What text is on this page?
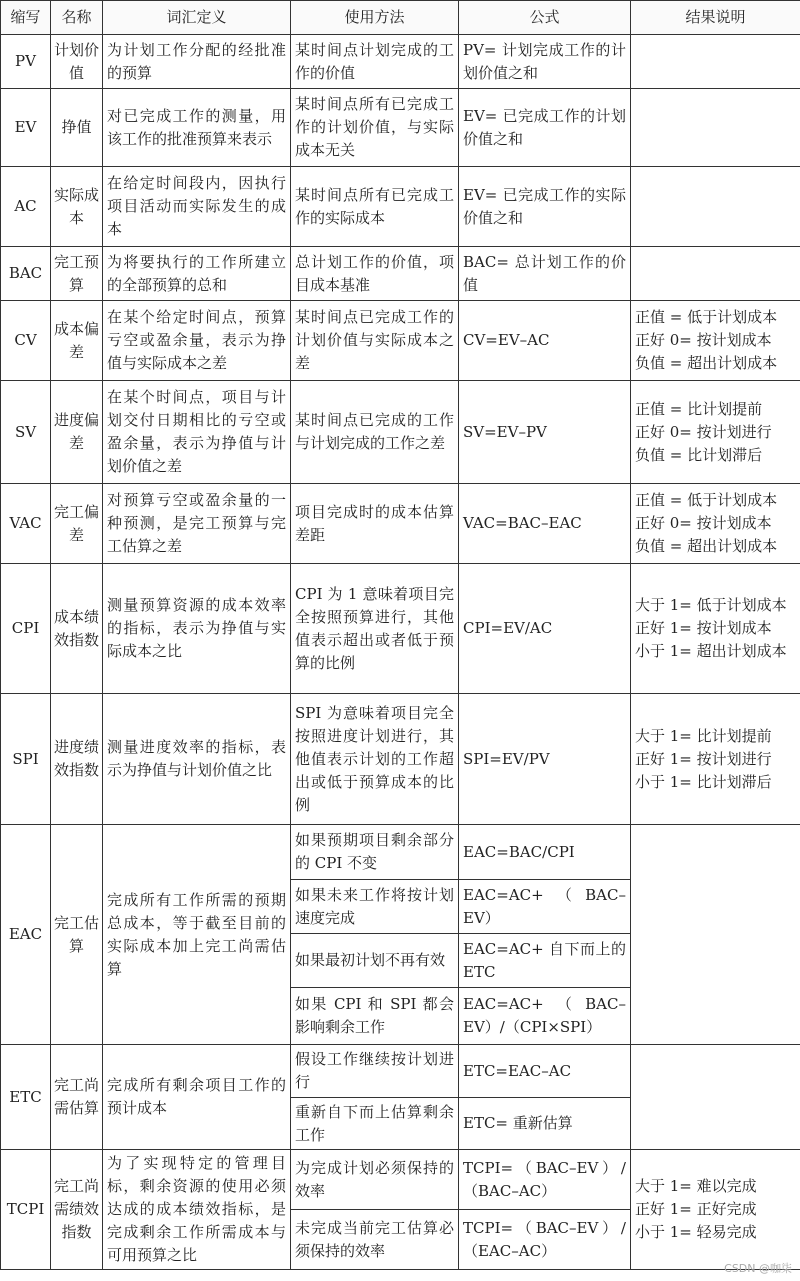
缩写	名称	词汇定义	使用方法	公式	结果说明
PV	计划价值	为计划工作分配的经批准的预算	某时间点计划完成的工作的价值	PV= 计划完成工作的计划价值之和	
EV	挣值	对已完成工作的测量，用该工作的批准预算来表示	某时间点所有已完成工作的计划价值，与实际成本无关	EV= 已完成工作的计划价值之和	
AC	实际成本	在给定时间段内，因执行项目活动而实际发生的成本	某时间点所有已完成工作的实际成本	EV= 已完成工作的实际价值之和	
BAC	完工预算	为将要执行的工作所建立的全部预算的总和	总计划工作的价值，项目成本基准	BAC= 总计划工作的价值	
CV	成本偏差	在某个给定时间点，预算亏空或盈余量，表示为挣值与实际成本之差	某时间点已完成工作的计划价值与实际成本之差	CV=EV–AC	正值 = 低于计划成本
正好 0= 按计划成本
负值 = 超出计划成本

SV	进度偏差	在某个时间点，项目与计划交付日期相比的亏空或盈余量，表示为挣值与计划价值之差	某时间点已完成的工作与计划完成的工作之差	SV=EV–PV	正值 = 比计划提前
正好 0= 按计划进行
负值 = 比计划滞后

VAC	完工偏差	对预算亏空或盈余量的一种预测，是完工预算与完工估算之差	项目完成时的成本估算差距	VAC=BAC–EAC	正值 = 低于计划成本
正好 0= 按计划成本
负值 = 超出计划成本

CPI	成本绩效指数	测量预算资源的成本效率的指标，表示为挣值与实际成本之比	CPI 为 1 意味着项目完全按照预算进行，其他值表示超出或者低于预算的比例	CPI=EV/AC	大于 1= 低于计划成本
正好 1= 按计划成本
小于 1= 超出计划成本

SPI	进度绩效指数	测量进度效率的指标，表示为挣值与计划价值之比	SPI 为意味着项目完全按照进度计划进行，其他值表示计划的工作超出或低于预算成本的比例	SPI=EV/PV	大于 1= 比计划提前
正好 1= 按计划进行
小于 1= 比计划滞后

EAC	完工估算	完成所有工作所需的预期总成本，等于截至目前的实际成本加上完工尚需估算	如果预期项目剩余部分的 CPI 不变	EAC=BAC/CPI	
			如果未来工作将按计划速度完成	EAC=AC+（BAC–EV）	
			如果最初计划不再有效	EAC=AC+ 自下而上的 ETC	
			如果 CPI 和 SPI 都会影响剩余工作	EAC=AC+（BAC–EV）/（CPI×SPI）	
ETC	完工尚需估算	完成所有剩余项目工作的预计成本	假设工作继续按计划进行	ETC=EAC–AC	
			重新自下而上估算剩余工作	ETC= 重新估算	
TCPI	完工尚需绩效指数	为了实现特定的管理目标，剩余资源的使用必须达成的成本绩效指标，是完成剩余工作所需成本与可用预算之比	为完成计划必须保持的效率	TCPI=（BAC–EV）/（BAC–AC）	大于 1= 难以完成
正好 1= 正好完成
小于 1= 轻易完成

			未完成当前完工估算必须保持的效率	TCPI=（BAC–EV）/（EAC–AC）	
CSDN @咖柒
